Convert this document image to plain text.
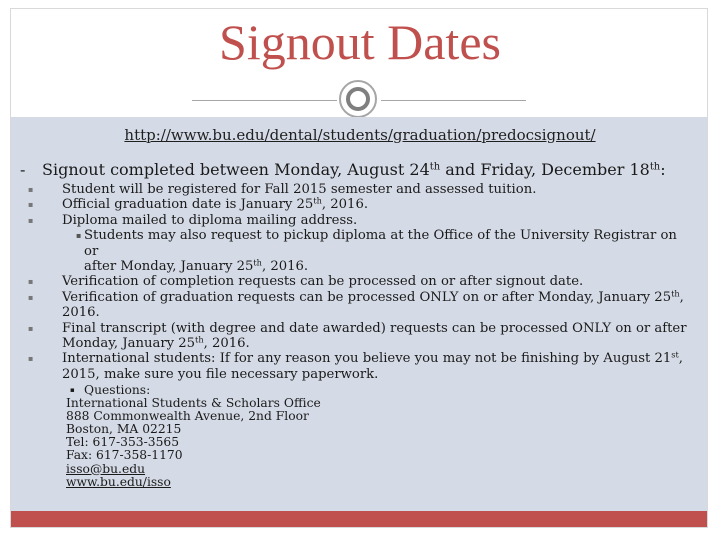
Signout Dates
http://www.bu.edu/dental/students/graduation/predocsignout/
- Signout completed between Monday, August 24th and Friday, December 18th:
▪ Student will be registered for Fall 2015 semester and assessed tuition.
▪ Official graduation date is January 25th, 2016.
▪ Diploma mailed to diploma mailing address.
▪ Students may also request to pickup diploma at the Office of the University Registrar on or
after Monday, January 25th, 2016.
▪ Verification of completion requests can be processed on or after signout date.
▪ Verification of graduation requests can be processed ONLY on or after Monday, January 25th,
2016.
▪ Final transcript (with degree and date awarded) requests can be processed ONLY on or after
Monday, January 25th, 2016.
▪ International students: If for any reason you believe you may not be finishing by August 21st,
2015, make sure you file necessary paperwork.
▪ Questions:
International Students & Scholars Office
888 Commonwealth Avenue, 2nd Floor
Boston, MA 02215
Tel: 617-353-3565
Fax: 617-358-1170
isso@bu.edu
www.bu.edu/isso
